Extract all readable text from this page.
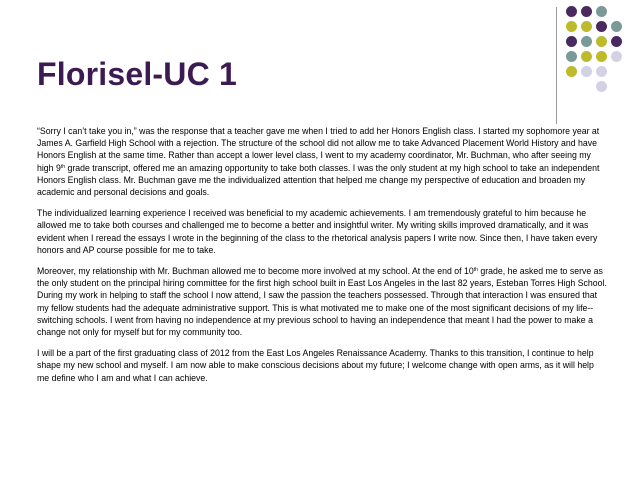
Florisel-UC 1

“Sorry I can’t take you in,” was the response that a teacher gave me when I tried to add her Honors English class. I started my sophomore year at James A. Garfield High School with a rejection. The structure of the school did not allow me to take Advanced Placement World History and have Honors English at the same time. Rather than accept a lower level class, I went to my academy coordinator, Mr. Buchman, who after seeing my high 9th grade transcript, offered me an amazing opportunity to take both classes. I was the only student at my high school to take an independent Honors English class. Mr. Buchman gave me the individualized attention that helped me change my perspective of education and broaden my academic and personal decisions and goals.

The individualized learning experience I received was beneficial to my academic achievements. I am tremendously grateful to him because he allowed me to take both courses and challenged me to become a better and insightful writer. My writing skills improved dramatically, and it was evident when I reread the essays I wrote in the beginning of the class to the rhetorical analysis papers I write now. Since then, I have taken every honors and AP course possible for me to take.

Moreover, my relationship with Mr. Buchman allowed me to become more involved at my school. At the end of 10th grade, he asked me to serve as the only student on the principal hiring committee for the first high school built in East Los Angeles in the last 82 years, Esteban Torres High School. During my work in helping to staff the school I now attend, I saw the passion the teachers possessed. Through that interaction I was ensured that my fellow students had the adequate administrative support. This is what motivated me to make one of the most significant decisions of my life--switching schools. I went from having no independence at my previous school to having an independence that meant I had the power to make a change not only for myself but for my community too.

I will be a part of the first graduating class of 2012 from the East Los Angeles Renaissance Academy. Thanks to this transition, I continue to help shape my new school and myself. I am now able to make conscious decisions about my future; I welcome change with open arms, as it will help me define who I am and what I can achieve.
